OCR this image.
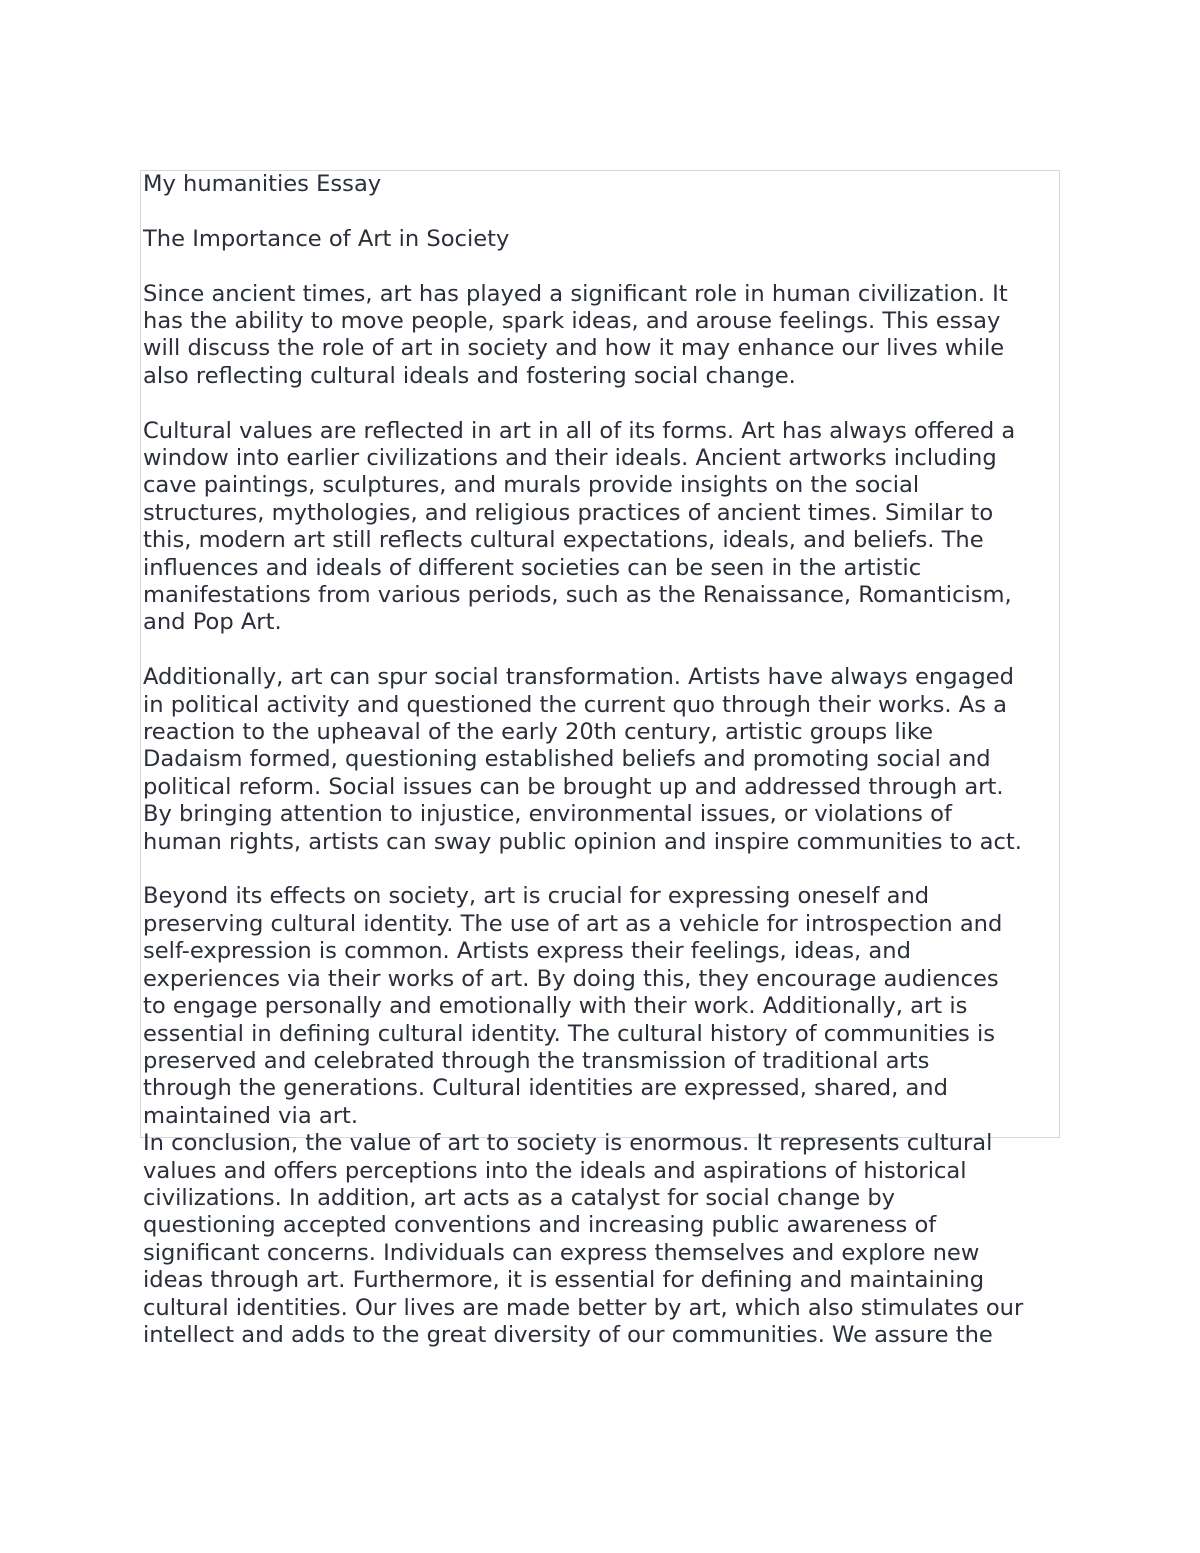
My humanities Essay

The Importance of Art in Society

Since ancient times, art has played a significant role in human civilization. It

has the ability to move people, spark ideas, and arouse feelings. This essay

will discuss the role of art in society and how it may enhance our lives while

also reflecting cultural ideals and fostering social change.

Cultural values are reflected in art in all of its forms. Art has always offered a

window into earlier civilizations and their ideals. Ancient artworks including

cave paintings, sculptures, and murals provide insights on the social

structures, mythologies, and religious practices of ancient times. Similar to

this, modern art still reflects cultural expectations, ideals, and beliefs. The

influences and ideals of different societies can be seen in the artistic

manifestations from various periods, such as the Renaissance, Romanticism,

and Pop Art.

Additionally, art can spur social transformation. Artists have always engaged

in political activity and questioned the current quo through their works. As a

reaction to the upheaval of the early 20th century, artistic groups like

Dadaism formed, questioning established beliefs and promoting social and

political reform. Social issues can be brought up and addressed through art.

By bringing attention to injustice, environmental issues, or violations of

human rights, artists can sway public opinion and inspire communities to act.

Beyond its effects on society, art is crucial for expressing oneself and

preserving cultural identity. The use of art as a vehicle for introspection and

self-expression is common. Artists express their feelings, ideas, and

experiences via their works of art. By doing this, they encourage audiences

to engage personally and emotionally with their work. Additionally, art is

essential in defining cultural identity. The cultural history of communities is

preserved and celebrated through the transmission of traditional arts

through the generations. Cultural identities are expressed, shared, and

maintained via art.

In conclusion, the value of art to society is enormous. It represents cultural

values and offers perceptions into the ideals and aspirations of historical

civilizations. In addition, art acts as a catalyst for social change by

questioning accepted conventions and increasing public awareness of

significant concerns. Individuals can express themselves and explore new

ideas through art. Furthermore, it is essential for defining and maintaining

cultural identities. Our lives are made better by art, which also stimulates our

intellect and adds to the great diversity of our communities. We assure the
